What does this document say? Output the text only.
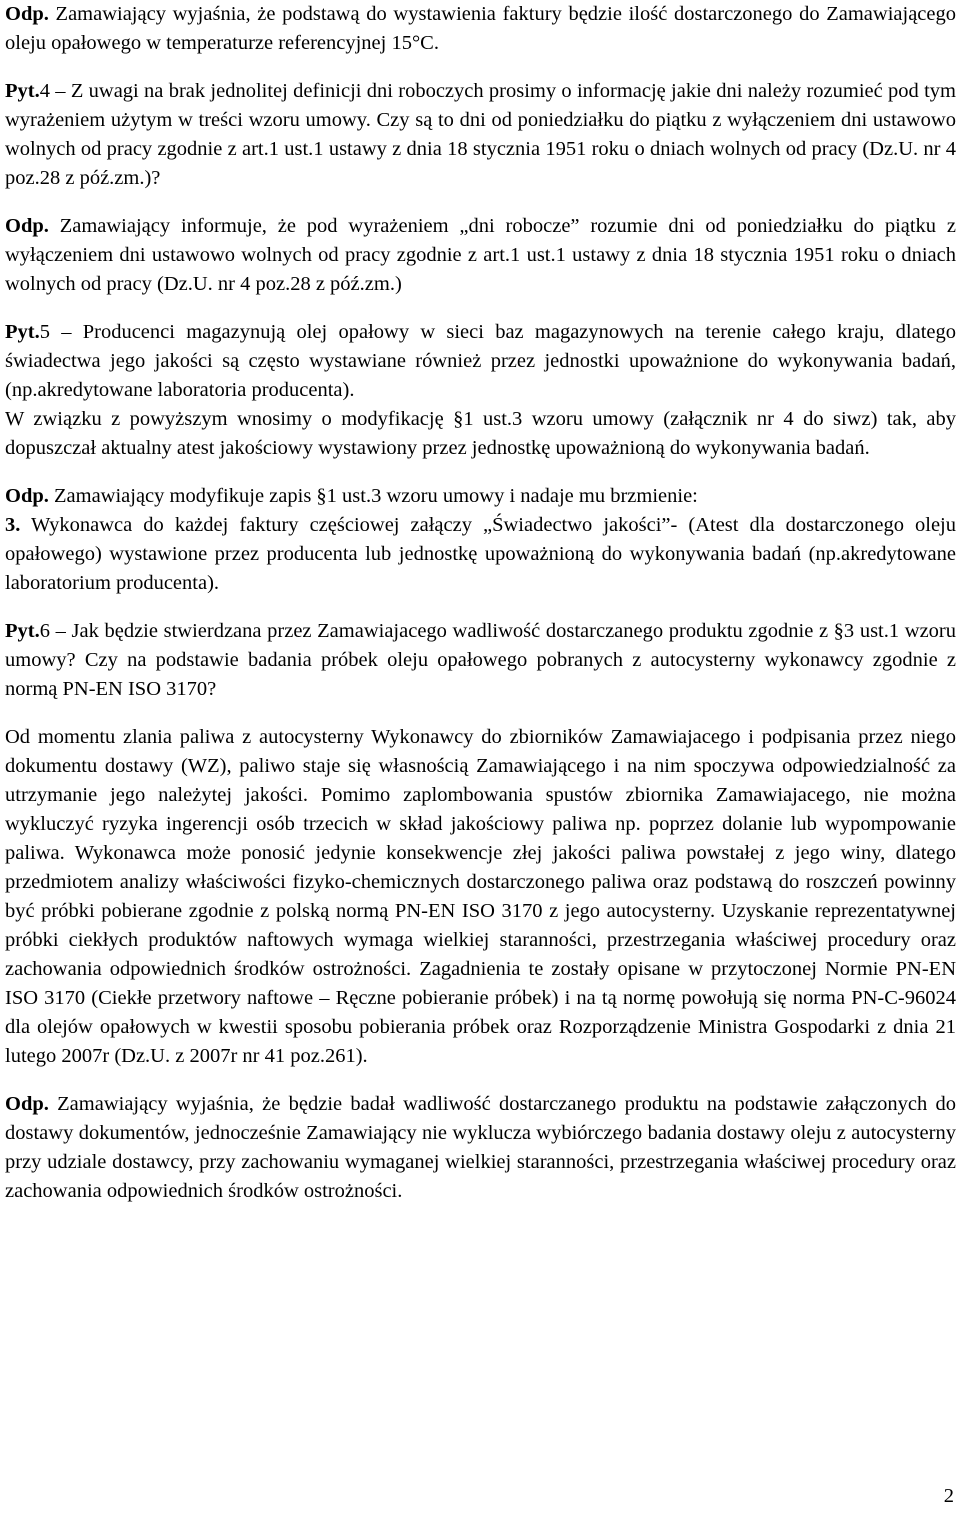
Odp. Zamawiający wyjaśnia, że podstawą do wystawienia faktury będzie ilość dostarczonego do Zamawiającego oleju opałowego w temperaturze referencyjnej 15°C.

Pyt.4 – Z uwagi na brak jednolitej definicji dni roboczych prosimy o informację jakie dni należy rozumieć pod tym wyrażeniem użytym w treści wzoru umowy. Czy są to dni od poniedziałku do piątku z wyłączeniem dni ustawowo wolnych od pracy zgodnie z art.1 ust.1 ustawy z dnia 18 stycznia 1951 roku o dniach wolnych od pracy (Dz.U. nr 4 poz.28 z póź.zm.)?

Odp. Zamawiający informuje, że pod wyrażeniem „dni robocze” rozumie dni od poniedziałku do piątku z wyłączeniem dni ustawowo wolnych od pracy zgodnie z art.1 ust.1 ustawy z dnia 18 stycznia 1951 roku o dniach wolnych od pracy (Dz.U. nr 4 poz.28 z póź.zm.)

Pyt.5 – Producenci magazynują olej opałowy w sieci baz magazynowych na terenie całego kraju, dlatego świadectwa jego jakości są często wystawiane również przez jednostki upoważnione do wykonywania badań, (np.akredytowane laboratoria producenta).

W związku z powyższym wnosimy o modyfikację §1 ust.3 wzoru umowy (załącznik nr 4 do siwz) tak, aby dopuszczał aktualny atest jakościowy wystawiony przez jednostkę upoważnioną do wykonywania badań.

Odp. Zamawiający modyfikuje zapis §1 ust.3 wzoru umowy i nadaje mu brzmienie:

3. Wykonawca do każdej faktury częściowej załączy „Świadectwo jakości”- (Atest dla dostarczonego oleju opałowego) wystawione przez producenta lub jednostkę upoważnioną do wykonywania badań (np.akredytowane laboratorium producenta).

Pyt.6 – Jak będzie stwierdzana przez Zamawiajacego wadliwość dostarczanego produktu zgodnie z §3 ust.1 wzoru umowy? Czy na podstawie badania próbek oleju opałowego pobranych z autocysterny wykonawcy zgodnie z normą PN-EN ISO 3170?

Od momentu zlania paliwa z autocysterny Wykonawcy do zbiorników Zamawiajacego i podpisania przez niego dokumentu dostawy (WZ), paliwo staje się własnością Zamawiającego i na nim spoczywa odpowiedzialność za utrzymanie jego należytej jakości. Pomimo zaplombowania spustów zbiornika Zamawiajacego, nie można wykluczyć ryzyka ingerencji osób trzecich w skład jakościowy paliwa np. poprzez dolanie lub wypompowanie paliwa. Wykonawca może ponosić jedynie konsekwencje złej jakości paliwa powstałej z jego winy, dlatego przedmiotem analizy właściwości fizyko-chemicznych dostarczonego paliwa oraz podstawą do roszczeń powinny być próbki pobierane zgodnie z polską normą PN-EN ISO 3170 z jego autocysterny. Uzyskanie reprezentatywnej próbki ciekłych produktów naftowych wymaga wielkiej staranności, przestrzegania właściwej procedury oraz zachowania odpowiednich środków ostrożności. Zagadnienia te zostały opisane w przytoczonej Normie PN-EN ISO 3170 (Ciekłe przetwory naftowe – Ręczne pobieranie próbek) i na tą normę powołują się norma PN-C-96024 dla olejów opałowych w kwestii sposobu pobierania próbek oraz Rozporządzenie Ministra Gospodarki z dnia 21 lutego 2007r (Dz.U. z 2007r nr 41 poz.261).

Odp. Zamawiający wyjaśnia, że będzie badał wadliwość dostarczanego produktu na podstawie załączonych do dostawy dokumentów, jednocześnie Zamawiający nie wyklucza wybiórczego badania dostawy oleju z autocysterny przy udziale dostawcy, przy zachowaniu wymaganej wielkiej staranności, przestrzegania właściwej procedury oraz zachowania odpowiednich środków ostrożności.

2
